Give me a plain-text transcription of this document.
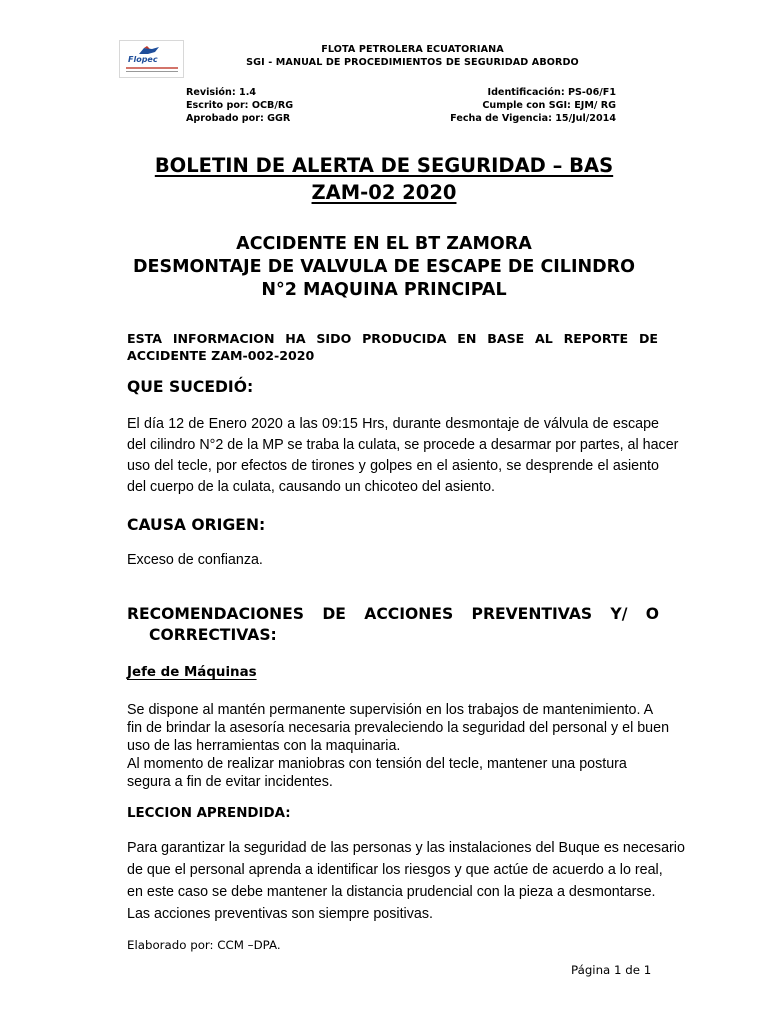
Flopec
FLOTA PETROLERA ECUATORIANA
SGI - MANUAL DE PROCEDIMIENTOS DE SEGURIDAD ABORDO
Revisión: 1.4
Escrito por: OCB/RG
Aprobado por: GGR
Identificación: PS-06/F1
Cumple con SGI: EJM/ RG
Fecha de Vigencia: 15/Jul/2014
BOLETIN DE ALERTA DE SEGURIDAD – BAS
ZAM-02 2020
ACCIDENTE EN EL BT ZAMORA
DESMONTAJE DE VALVULA DE ESCAPE DE CILINDRO
N°2 MAQUINA PRINCIPAL
ESTA INFORMACION HA SIDO PRODUCIDA EN BASE AL REPORTE DE
ACCIDENTE ZAM-002-2020
QUE SUCEDIÓ:
El día 12 de Enero 2020 a las 09:15 Hrs, durante desmontaje de válvula de escape
del cilindro N°2 de la MP se traba la culata, se procede a desarmar por partes, al hacer
uso del tecle, por efectos de tirones y golpes en el asiento, se desprende el asiento
del cuerpo de la culata, causando un chicoteo del asiento.
CAUSA ORIGEN:
Exceso de confianza.
RECOMENDACIONES DE ACCIONES PREVENTIVAS Y/ O
CORRECTIVAS:
Jefe de Máquinas
Se dispone al mantén permanente supervisión en los trabajos de mantenimiento. A
fin de brindar la asesoría necesaria prevaleciendo la seguridad del personal y el buen
uso de las herramientas con la maquinaria.
Al momento de realizar maniobras con tensión del tecle, mantener una postura
segura a fin de evitar incidentes.
LECCION APRENDIDA:
Para garantizar la seguridad de las personas y las instalaciones del Buque es necesario
de que el personal aprenda a identificar los riesgos y que actúe de acuerdo a lo real,
en este caso se debe mantener la distancia prudencial con la pieza a desmontarse.
Las acciones preventivas son siempre positivas.
Elaborado por: CCM –DPA.
Página 1 de 1
